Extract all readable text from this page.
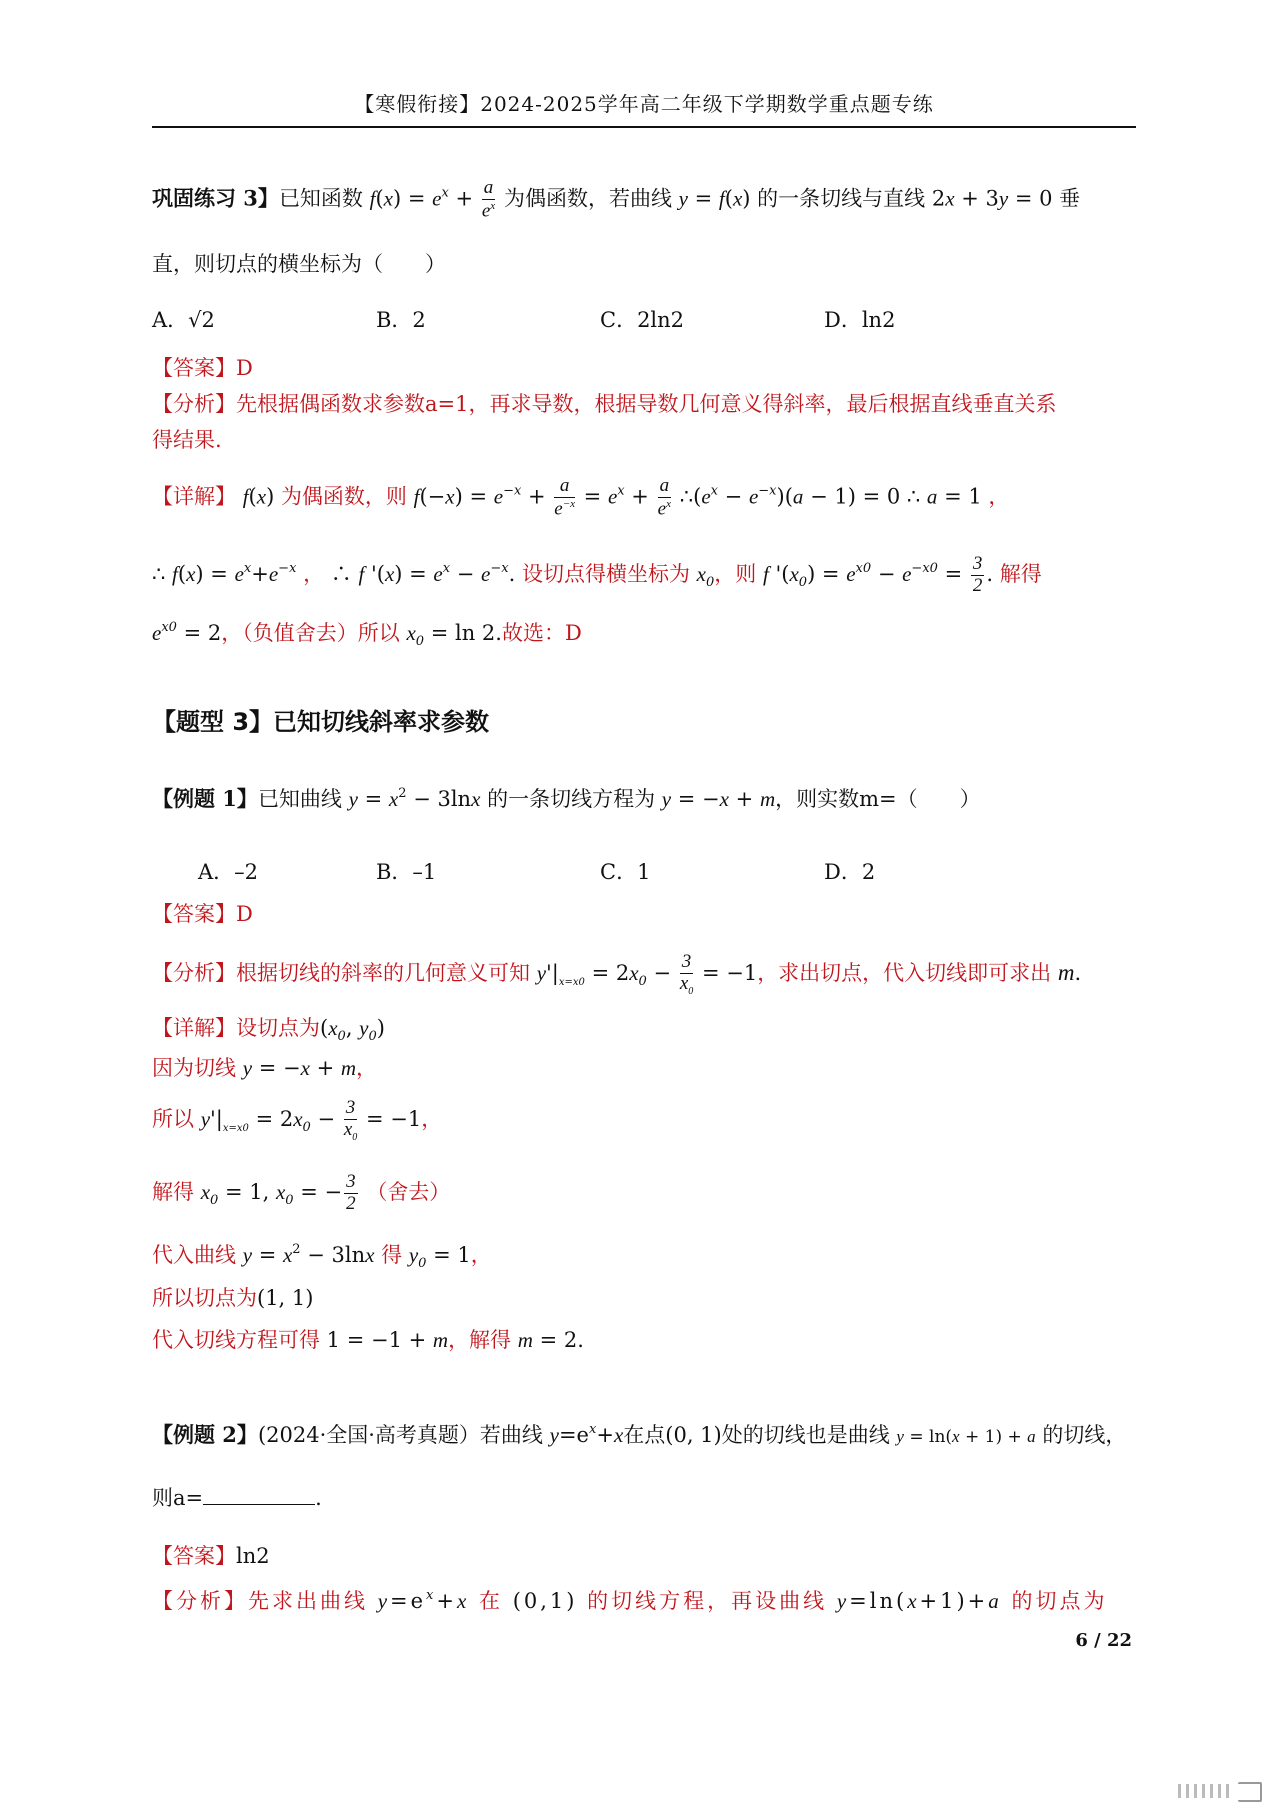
【寒假衔接】2024-2025学年高二年级下学期数学重点题专练
巩固练习 3】已知函数 $f(x) = e^x + \frac{a}{e^x}$ 为偶函数，若曲线 y = f(x) 的一条切线与直线 2x + 3y = 0 垂
直，则切点的横坐标为（　　）
A．√2	B．2	C．2ln2	D．ln2
【答案】D
【分析】先根据偶函数求参数a=1，再求导数，根据导数几何意义得斜率，最后根据直线垂直关系
得结果.
【详解】 f(x) 为偶函数，则 $f(-x) = e^{-x} + \frac{a}{e^{-x}} = e^x + \frac{a}{e^x}$ $\therefore(e^x - e^{-x})(a - 1) = 0$ ∴ a = 1 ，
∴ $f(x) = e^x+e^{-x}$ ， ∴ f '$(x) = e^x - e^{-x}$. 设切点得横坐标为 $x_0$，则 f '$(x_0) = e^{x0} - e^{-x0} = \frac{3}{2}$ . 解得
$e^{x0} = 2$，（负值舍去）所以 $x_0 = \ln 2$.故选：D
【题型 3】已知切线斜率求参数
【例题 1】已知曲线 $y = x^2 - 3\ln x$ 的一条切线方程为 y = −x + m，则实数m=（　　）
A．–2	B．–1	C．1	D．2
【答案】D
【分析】根据切线的斜率的几何意义可知 $y'|_{x=x0} = 2x_0 - \frac{3}{x_0} = -1$，求出切点，代入切线即可求出 m.
【详解】设切点为($x_0$, $y_0$)
因为切线 y = −x + m，
所以 $y'|_{x=x0} = 2x_0 - \frac{3}{x_0} = -1$，
解得 $x_0 = 1$, $x_0$ = − $\frac{3}{2}$ （舍去）
代入曲线 $y = x^2 - 3\ln x$ 得 $y_0 = 1$，
所以切点为(1, 1)
代入切线方程可得 1 = −1 + m，解得 m = 2.
【例题 2】(2024·全国·高考真题）若曲线 $y=e^x+x$在点(0, 1)处的切线也是曲线 y = ln(x + 1) + a 的切线，
则a=	.
【答案】ln2
【分析】先求出曲线 $y=e^x+x$ 在 (0,1) 的切线方程，再设曲线 y=ln(x+1)+a 的切点为
6 / 22
